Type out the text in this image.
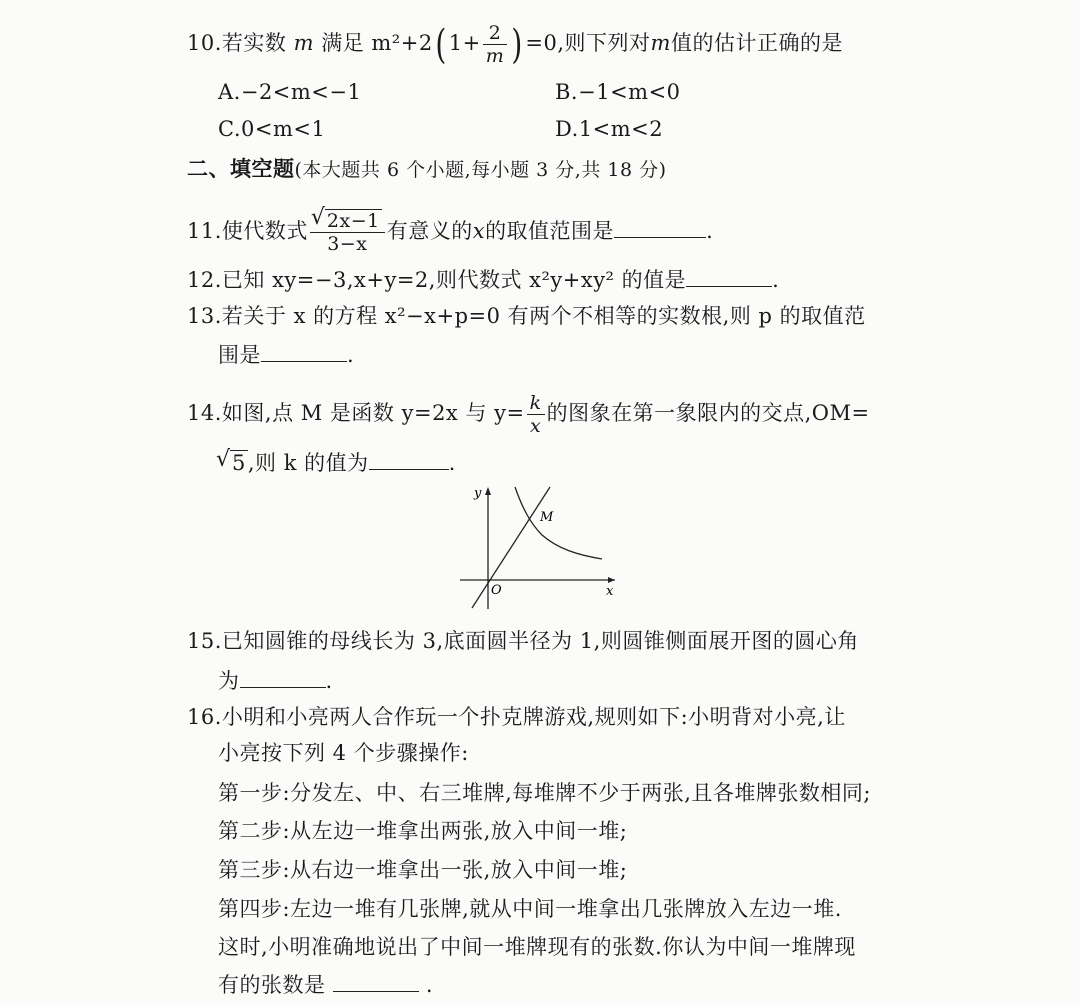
10.若实数 m 满足 m²+2( $1+ \frac{2}{m}$ ) =0,则下列对m值的估计正确的是
A.−2<m<−1	B.−1<m<0
C.0<m<1	D.1<m<2
二、填空题(本大题共 6 个小题,每小题 3 分,共 18 分)
11.使代数式
√ $\frac{2x-1}{3-x}$ 有意义的x的取值范围是	.
12.已知 xy=−3,x+y=2,则代数式 x²y+xy² 的值是	.
13.若关于 x 的方程 x²−x+p=0 有两个不相等的实数根,则 p 的取值范
围是	.
14.如图,点 M 是函数 y=2x 与 $y= \frac{k}{x}$ 的图象在第一象限内的交点,OM=
√ 5,则 k 的值为	.
y
x
O
M
15.已知圆锥的母线长为 3,底面圆半径为 1,则圆锥侧面展开图的圆心角
为	.
16.小明和小亮两人合作玩一个扑克牌游戏,规则如下:小明背对小亮,让
小亮按下列 4 个步骤操作:
第一步:分发左、中、右三堆牌,每堆牌不少于两张,且各堆牌张数相同;
第二步:从左边一堆拿出两张,放入中间一堆;
第三步:从右边一堆拿出一张,放入中间一堆;
第四步:左边一堆有几张牌,就从中间一堆拿出几张牌放入左边一堆.
这时,小明准确地说出了中间一堆牌现有的张数.你认为中间一堆牌现
有的张数是	.
